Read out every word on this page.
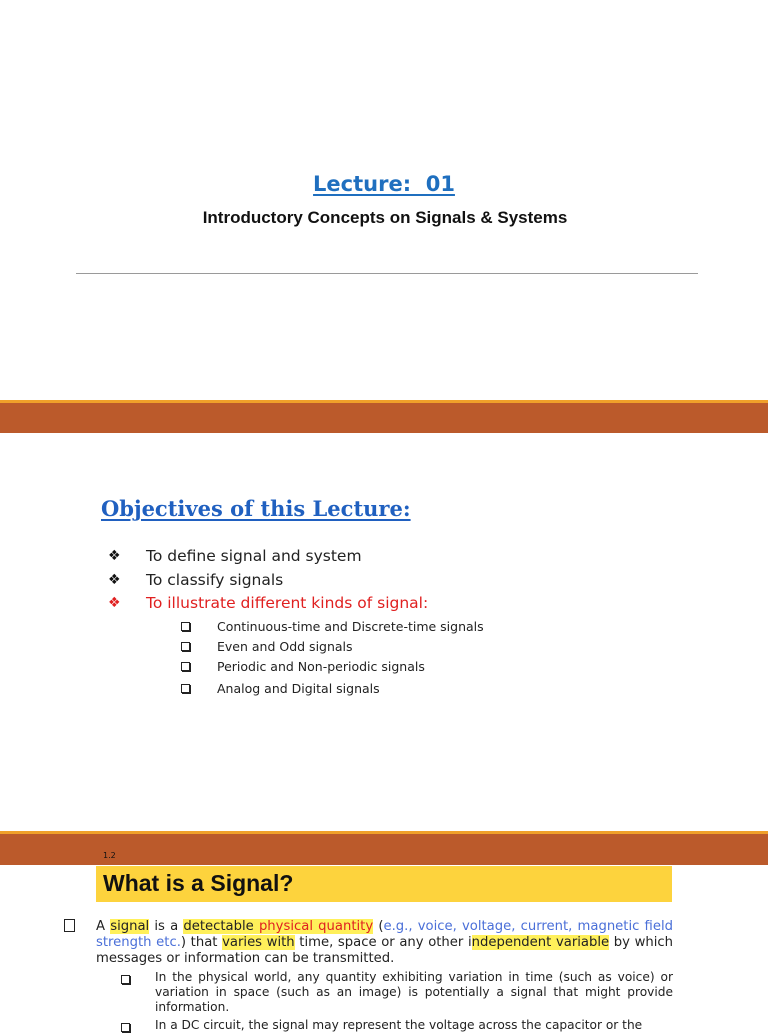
Lecture:  01
Introductory Concepts on Signals & Systems
Objectives of this Lecture:
❖	To define signal and system
❖	To classify signals
❖	To illustrate different kinds of signal:
Continuous-time and Discrete-time signals
Even and Odd signals
Periodic and Non-periodic signals
Analog and Digital signals
1.2
What is a Signal?
A signal is a detectable physical quantity (e.g., voice, voltage, current, magnetic field strength etc.) that varies with time, space or any other independent variable by which messages or information can be transmitted.
In the physical world, any quantity exhibiting variation in time (such as voice) or variation in space (such as an image) is potentially a signal that might provide information.
In a DC circuit, the signal may represent the voltage across the capacitor or the
